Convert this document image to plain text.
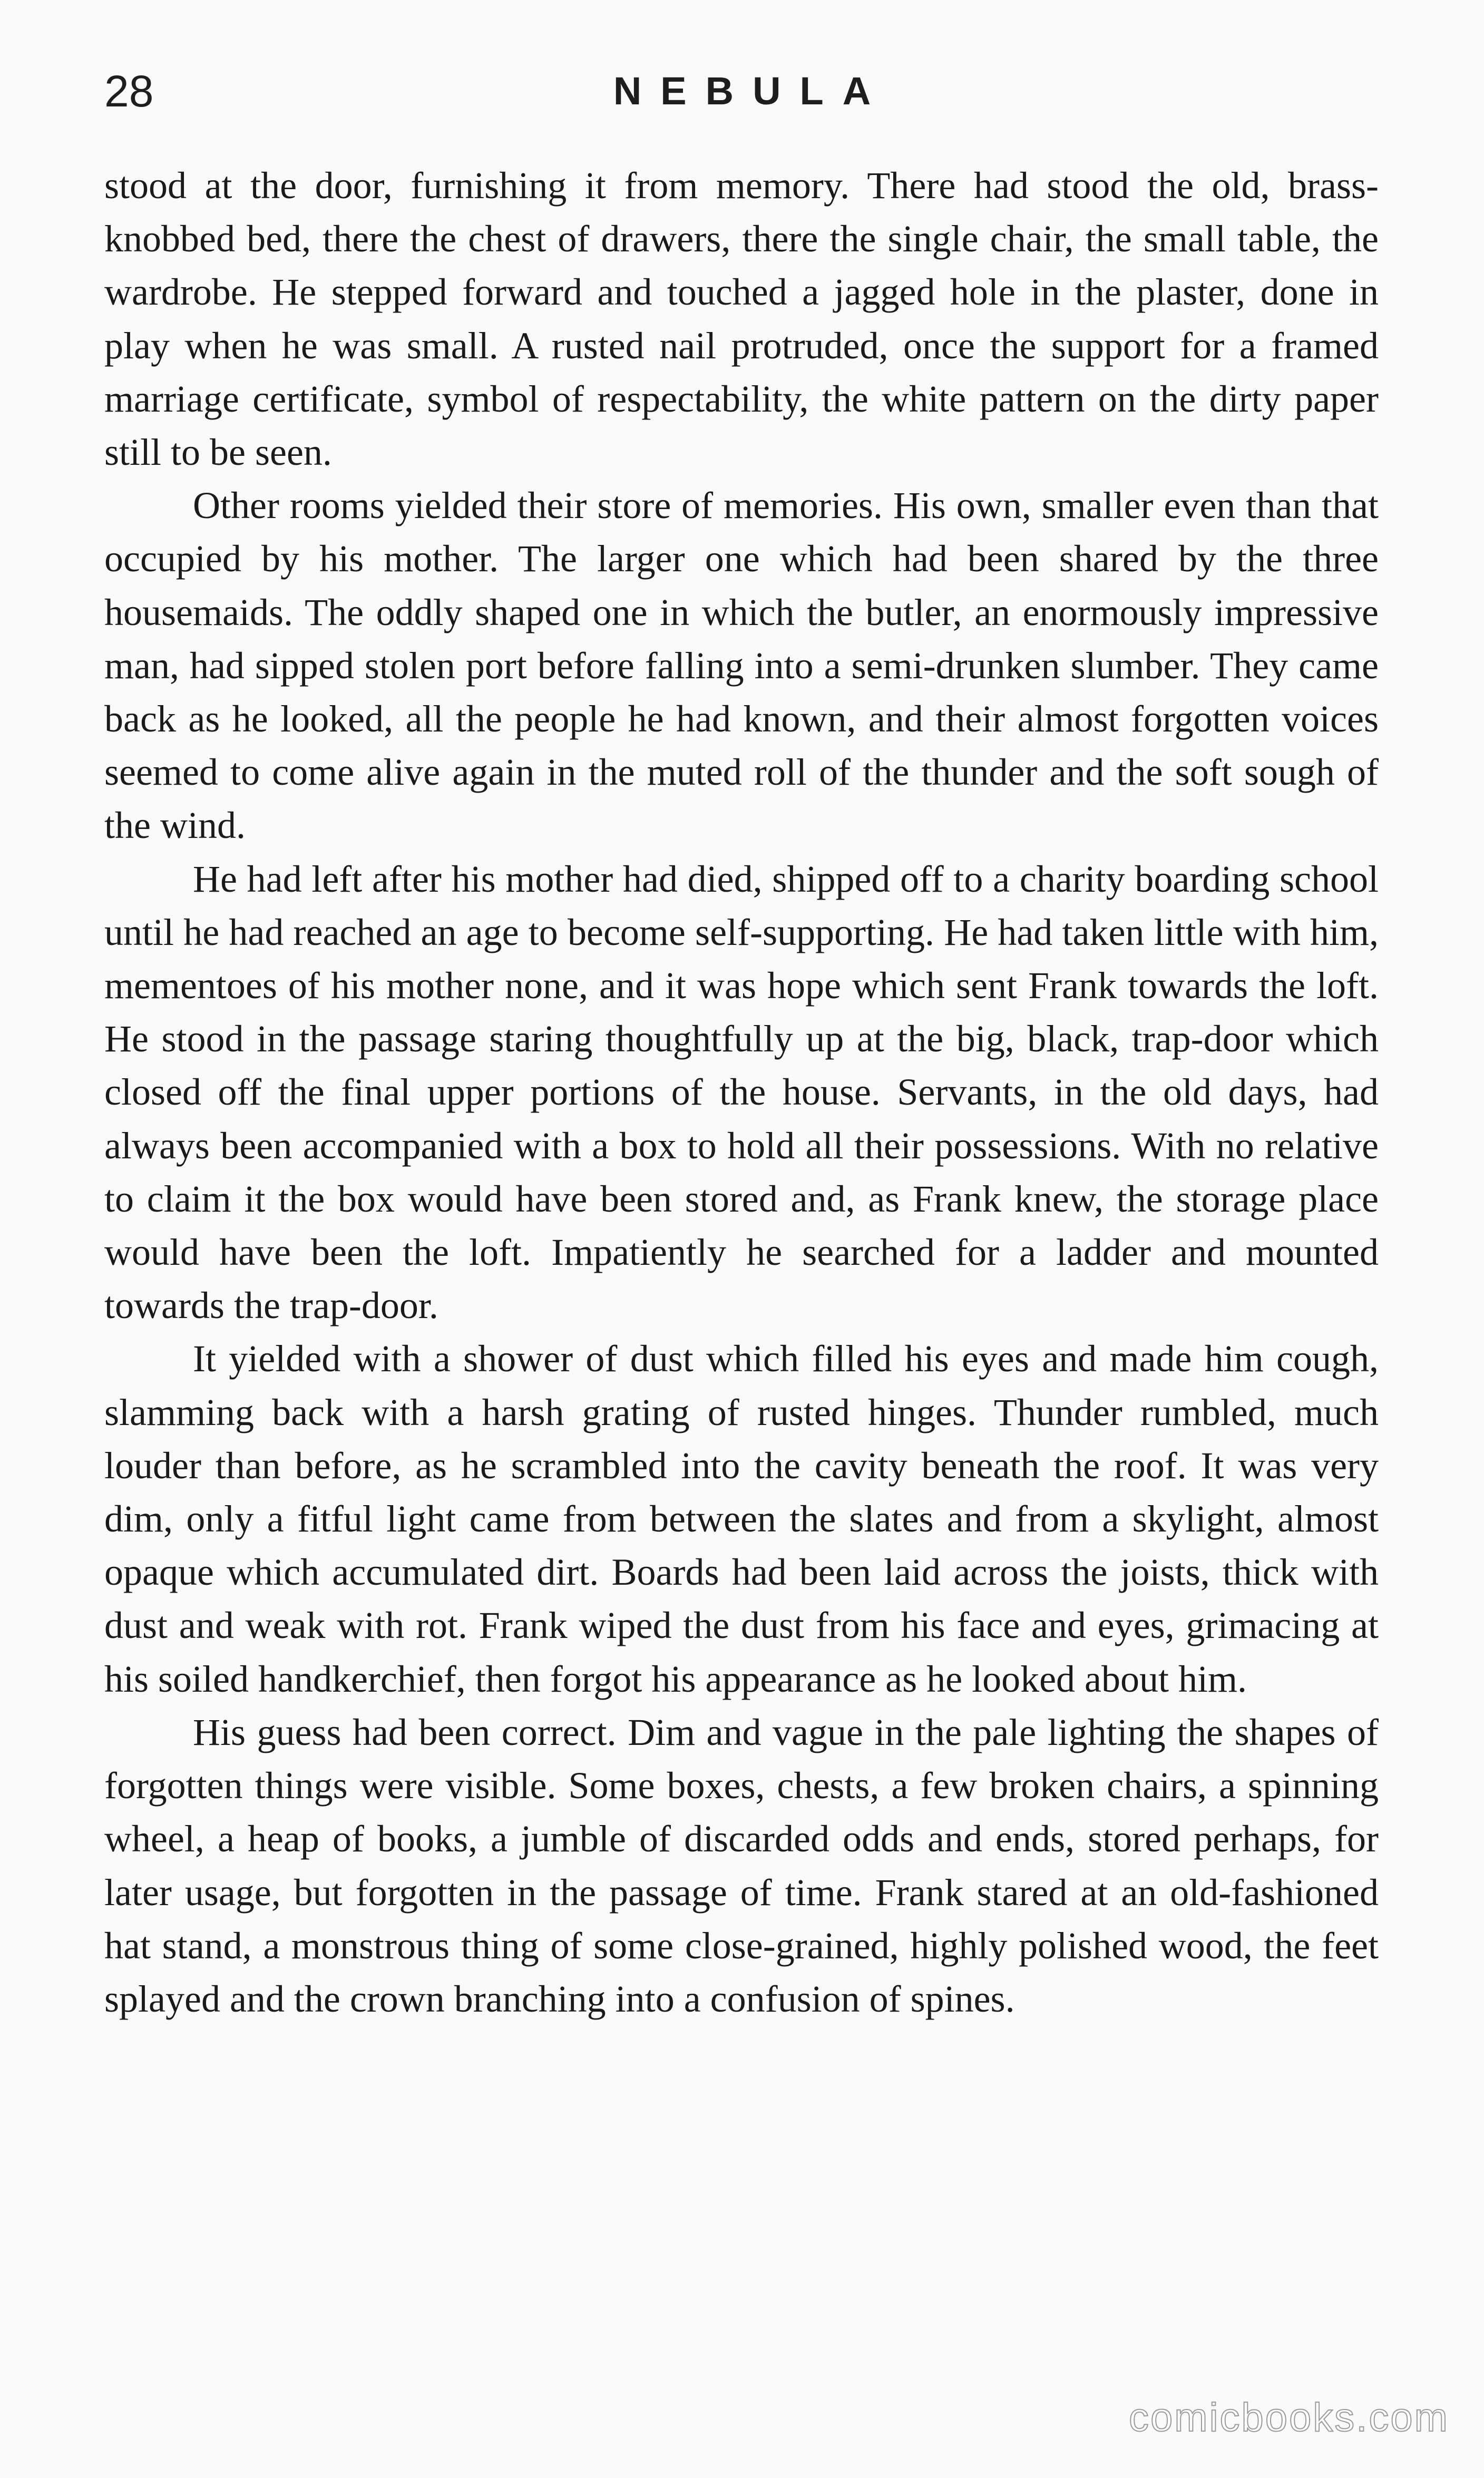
28	NEBULA

stood at the door, furnishing it from memory. There had stood the old, brass-knobbed bed, there the chest of drawers, there the single chair, the small table, the wardrobe. He stepped forward and touched a jagged hole in the plaster, done in play when he was small. A rusted nail protruded, once the support for a framed marriage certificate, symbol of respectability, the white pattern on the dirty paper still to be seen.

Other rooms yielded their store of memories. His own, smaller even than that occupied by his mother. The larger one which had been shared by the three housemaids. The oddly shaped one in which the butler, an enormously impressive man, had sipped stolen port before falling into a semi-drunken slumber. They came back as he looked, all the people he had known, and their almost forgotten voices seemed to come alive again in the muted roll of the thunder and the soft sough of the wind.

He had left after his mother had died, shipped off to a charity boarding school until he had reached an age to become self-supporting. He had taken little with him, mementoes of his mother none, and it was hope which sent Frank towards the loft. He stood in the passage staring thoughtfully up at the big, black, trap-door which closed off the final upper portions of the house. Servants, in the old days, had always been accompanied with a box to hold all their possessions. With no relative to claim it the box would have been stored and, as Frank knew, the storage place would have been the loft. Impatiently he searched for a ladder and mounted towards the trap-door.

It yielded with a shower of dust which filled his eyes and made him cough, slamming back with a harsh grating of rusted hinges. Thunder rumbled, much louder than before, as he scrambled into the cavity beneath the roof. It was very dim, only a fitful light came from between the slates and from a skylight, almost opaque which accumulated dirt. Boards had been laid across the joists, thick with dust and weak with rot. Frank wiped the dust from his face and eyes, grimacing at his soiled handkerchief, then forgot his appearance as he looked about him.

His guess had been correct. Dim and vague in the pale lighting the shapes of forgotten things were visible. Some boxes, chests, a few broken chairs, a spinning wheel, a heap of books, a jumble of discarded odds and ends, stored perhaps, for later usage, but forgotten in the passage of time. Frank stared at an old-fashioned hat stand, a monstrous thing of some close-grained, highly polished wood, the feet splayed and the crown branching into a confusion of spines.

comicbooks.com
